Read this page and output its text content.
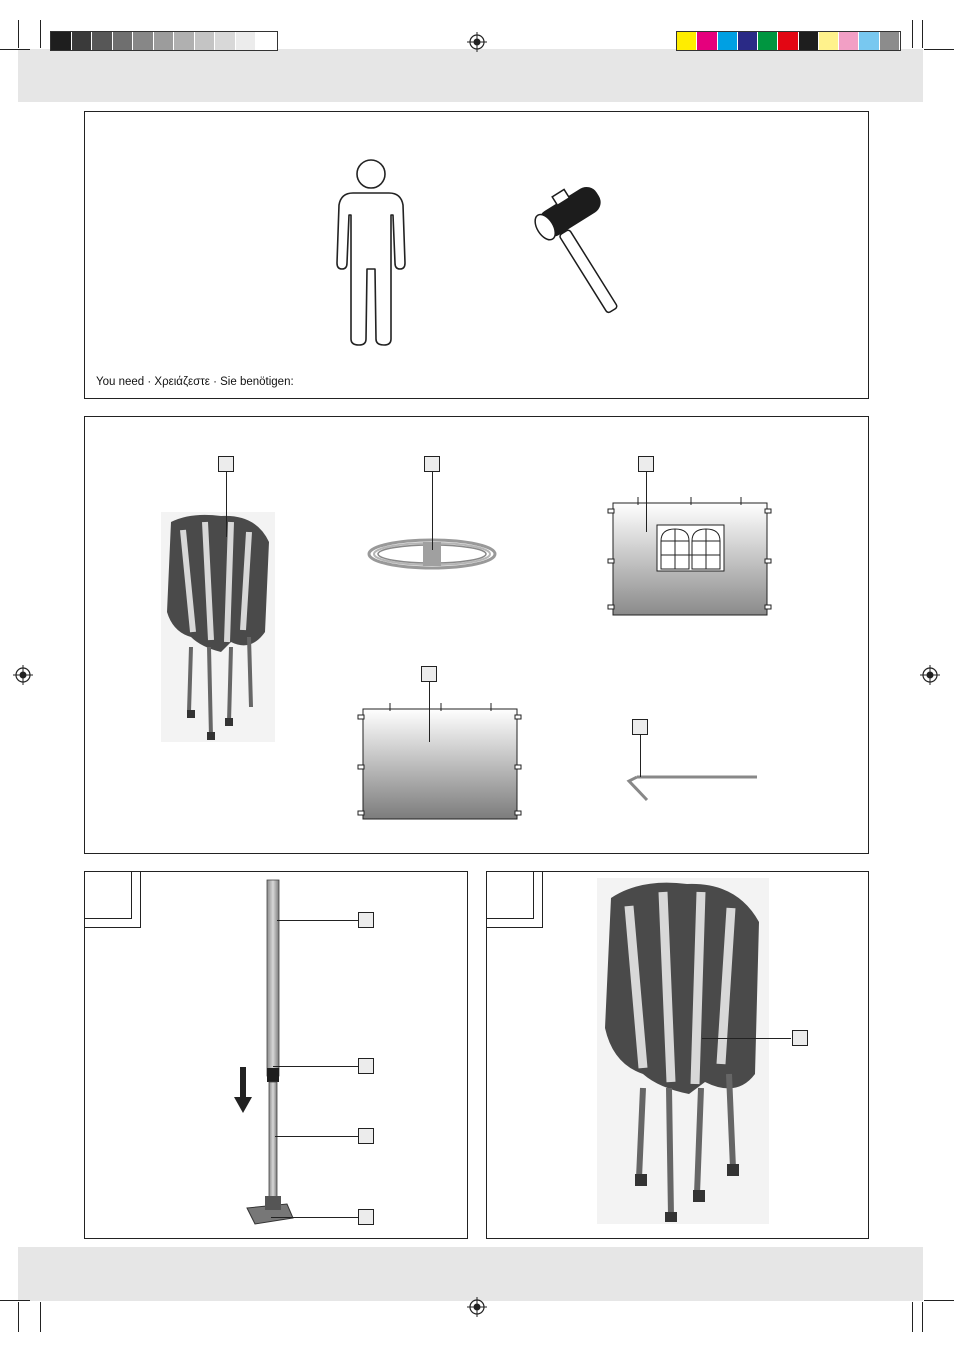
You need · Χρειάζεστε · Sie benötigen:
